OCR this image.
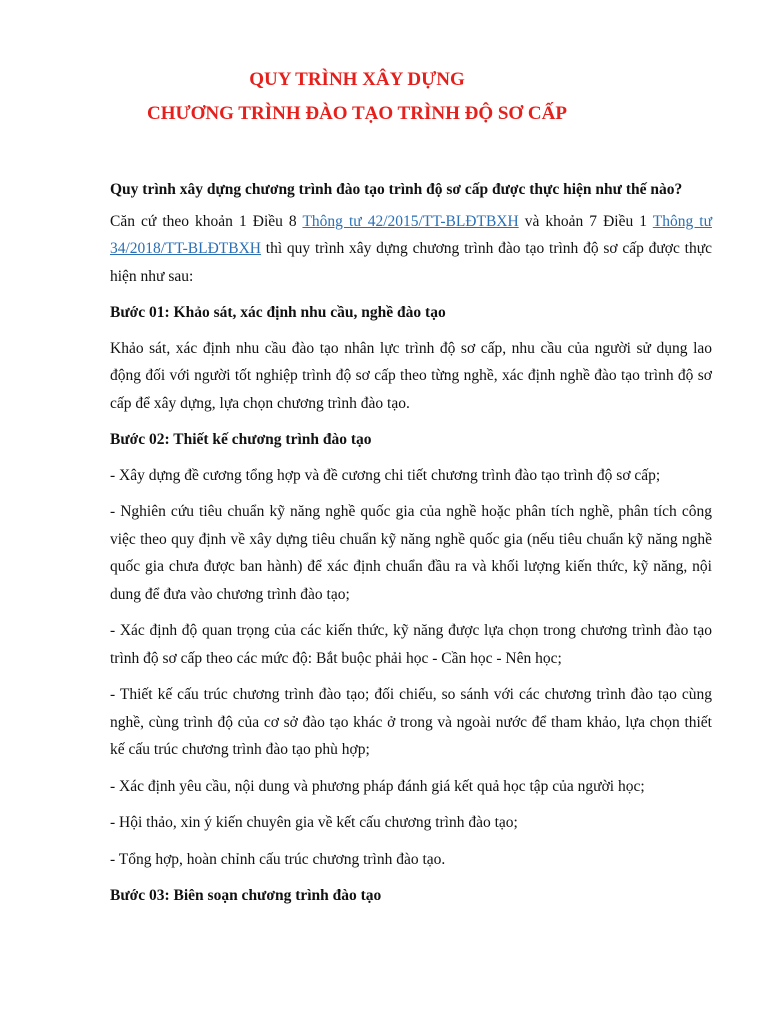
QUY TRÌNH XÂY DỰNG
CHƯƠNG TRÌNH ĐÀO TẠO TRÌNH ĐỘ SƠ CẤP

Quy trình xây dựng chương trình đào tạo trình độ sơ cấp được thực hiện như thế nào?

Căn cứ theo khoản 1 Điều 8 Thông tư 42/2015/TT-BLĐTBXH và khoản 7 Điều 1 Thông tư 34/2018/TT-BLĐTBXH thì quy trình xây dựng chương trình đào tạo trình độ sơ cấp được thực hiện như sau:

Bước 01: Khảo sát, xác định nhu cầu, nghề đào tạo

Khảo sát, xác định nhu cầu đào tạo nhân lực trình độ sơ cấp, nhu cầu của người sử dụng lao động đối với người tốt nghiệp trình độ sơ cấp theo từng nghề, xác định nghề đào tạo trình độ sơ cấp để xây dựng, lựa chọn chương trình đào tạo.

Bước 02: Thiết kế chương trình đào tạo

- Xây dựng đề cương tổng hợp và đề cương chi tiết chương trình đào tạo trình độ sơ cấp;

- Nghiên cứu tiêu chuẩn kỹ năng nghề quốc gia của nghề hoặc phân tích nghề, phân tích công việc theo quy định về xây dựng tiêu chuẩn kỹ năng nghề quốc gia (nếu tiêu chuẩn kỹ năng nghề quốc gia chưa được ban hành) để xác định chuẩn đầu ra và khối lượng kiến thức, kỹ năng, nội dung để đưa vào chương trình đào tạo;

- Xác định độ quan trọng của các kiến thức, kỹ năng được lựa chọn trong chương trình đào tạo trình độ sơ cấp theo các mức độ: Bắt buộc phải học - Cần học - Nên học;

- Thiết kế cấu trúc chương trình đào tạo; đối chiếu, so sánh với các chương trình đào tạo cùng nghề, cùng trình độ của cơ sở đào tạo khác ở trong và ngoài nước để tham khảo, lựa chọn thiết kế cấu trúc chương trình đào tạo phù hợp;

- Xác định yêu cầu, nội dung và phương pháp đánh giá kết quả học tập của người học;

- Hội thảo, xin ý kiến chuyên gia về kết cấu chương trình đào tạo;

- Tổng hợp, hoàn chỉnh cấu trúc chương trình đào tạo.

Bước 03: Biên soạn chương trình đào tạo
